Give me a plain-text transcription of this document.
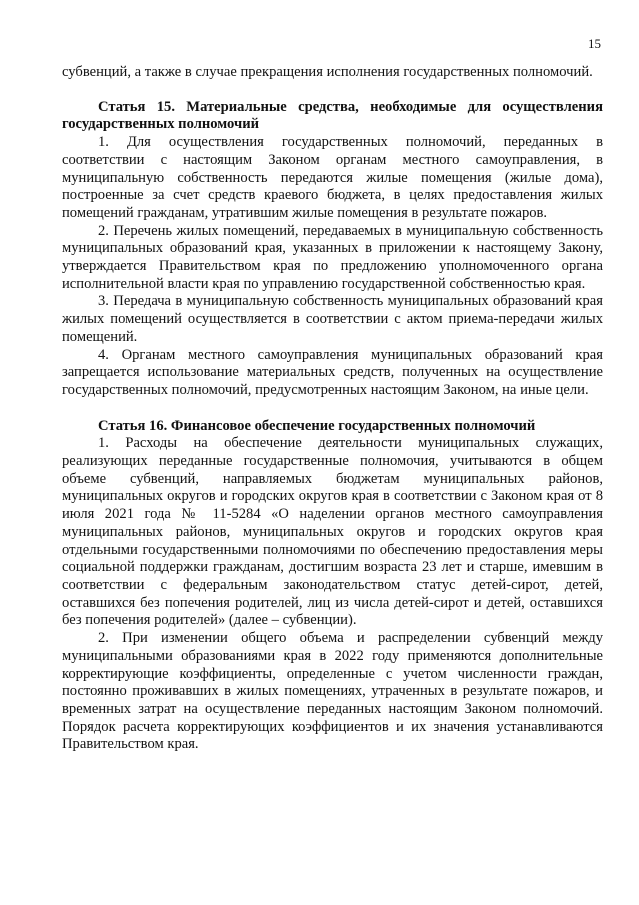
15

субвенций, а также в случае прекращения исполнения государственных полномочий.

Статья 15. Материальные средства, необходимые для осуществления государственных полномочий

1. Для осуществления государственных полномочий, переданных в соответствии с настоящим Законом органам местного самоуправления, в муниципальную собственность передаются жилые помещения (жилые дома), построенные за счет средств краевого бюджета, в целях предоставления жилых помещений гражданам, утратившим жилые помещения в результате пожаров.

2. Перечень жилых помещений, передаваемых в муниципальную собственность муниципальных образований края, указанных в приложении к настоящему Закону, утверждается Правительством края по предложению уполномоченного органа исполнительной власти края по управлению государственной собственностью края.

3. Передача в муниципальную собственность муниципальных образований края жилых помещений осуществляется в соответствии с актом приема-передачи жилых помещений.

4. Органам местного самоуправления муниципальных образований края запрещается использование материальных средств, полученных на осуществление государственных полномочий, предусмотренных настоящим Законом, на иные цели.

Статья 16. Финансовое обеспечение государственных полномочий

1. Расходы на обеспечение деятельности муниципальных служащих, реализующих переданные государственные полномочия, учитываются в общем объеме субвенций, направляемых бюджетам муниципальных районов, муниципальных округов и городских округов края в соответствии с Законом края от 8 июля 2021 года № 11-5284 «О наделении органов местного самоуправления муниципальных районов, муниципальных округов и городских округов края отдельными государственными полномочиями по обеспечению предоставления меры социальной поддержки гражданам, достигшим возраста 23 лет и старше, имевшим в соответствии с федеральным законодательством статус детей-сирот, детей, оставшихся без попечения родителей, лиц из числа детей-сирот и детей, оставшихся без попечения родителей» (далее – субвенции).

2. При изменении общего объема и распределении субвенций между муниципальными образованиями края в 2022 году применяются дополнительные корректирующие коэффициенты, определенные с учетом численности граждан, постоянно проживавших в жилых помещениях, утраченных в результате пожаров, и временных затрат на осуществление переданных настоящим Законом полномочий. Порядок расчета корректирующих коэффициентов и их значения устанавливаются Правительством края.
